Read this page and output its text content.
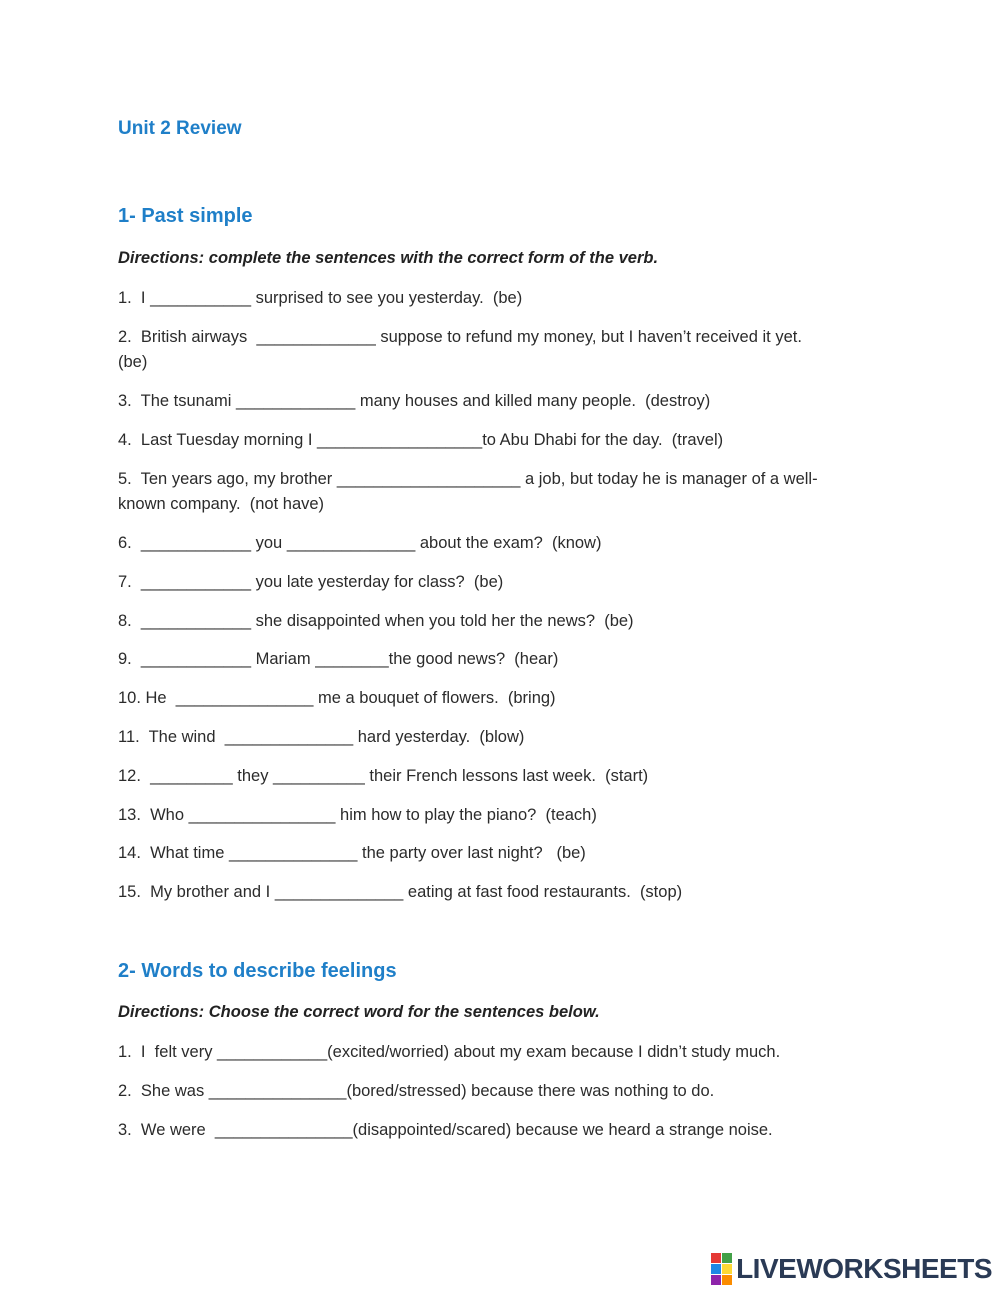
Unit 2 Review
1- Past simple
Directions: complete the sentences with the correct form of the verb.
1.  I ___________ surprised to see you yesterday.  (be)
2.  British airways  _____________ suppose to refund my money, but I haven’t received it yet.
(be)
3.  The tsunami _____________ many houses and killed many people.  (destroy)
4.  Last Tuesday morning I __________________to Abu Dhabi for the day.  (travel)
5.  Ten years ago, my brother ____________________ a job, but today he is manager of a well-
known company.  (not have)
6.  ____________ you ______________ about the exam?  (know)
7.  ____________ you late yesterday for class?  (be)
8.  ____________ she disappointed when you told her the news?  (be)
9.  ____________ Mariam ________the good news?  (hear)
10. He  _______________ me a bouquet of flowers.  (bring)
11.  The wind  ______________ hard yesterday.  (blow)
12.  _________ they __________ their French lessons last week.  (start)
13.  Who ________________ him how to play the piano?  (teach)
14.  What time ______________ the party over last night?   (be)
15.  My brother and I ______________ eating at fast food restaurants.  (stop)
2- Words to describe feelings
Directions: Choose the correct word for the sentences below.
1.  I  felt very ____________(excited/worried) about my exam because I didn’t study much.
2.  She was _______________(bored/stressed) because there was nothing to do.
3.  We were  _______________(disappointed/scared) because we heard a strange noise.
LIVEWORKSHEETS
